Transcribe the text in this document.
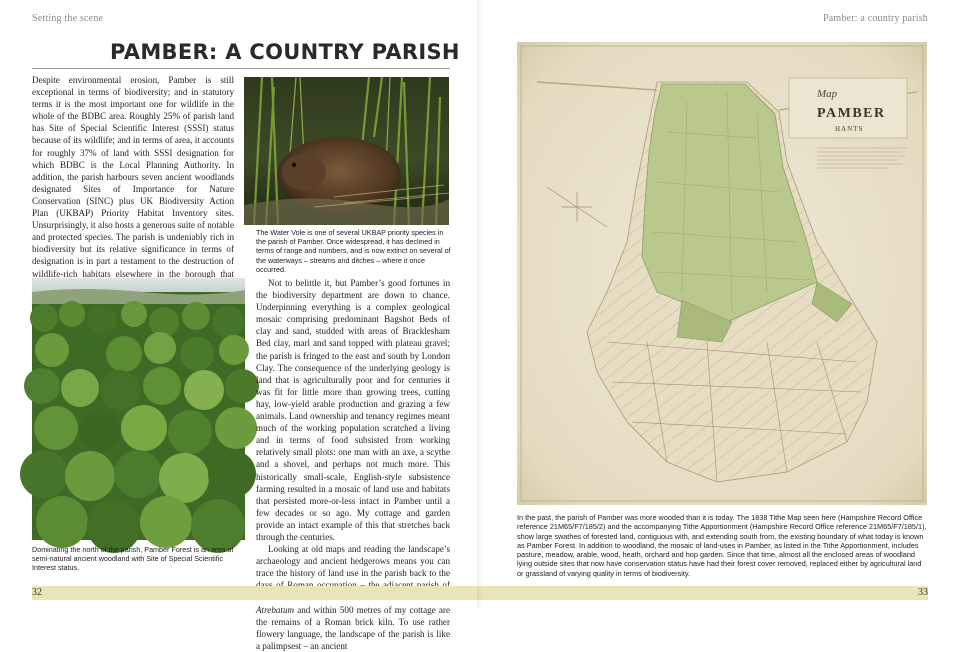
Setting the scene
PAMBER: A COUNTRY PARISH

Despite environmental erosion, Pamber is still exceptional in terms of biodiversity; and in statutory terms it is the most important one for wildlife in the whole of the BDBC area. Roughly 25% of parish land has Site of Special Scientific Interest (SSSI) status because of its wildlife; and in terms of area, it accounts for roughly 37% of land with SSSI designation for which BDBC is the Local Planning Authority. In addition, the parish harbours seven ancient woodlands designated Sites of Importance for Nature Conservation (SINC) plus UK Biodiversity Action Plan (UKBAP) Priority Habitat Inventory sites. Unsurprisingly, it also hosts a generous suite of notable and protected species. The parish is undeniably rich in biodiversity but its relative significance in terms of designation is in part a testament to the destruction of wildlife-rich habitats elsewhere in the borough that

The Water Vole is one of several UKBAP priority species in the parish of Pamber. Once widespread, it has declined in terms of range and numbers, and is now extinct on several of the waterways – streams and ditches – where it once occurred.
Dominating the north of the parish, Pamber Forest is an area of semi-natural ancient woodland with Site of Special Scientific Interest status.

Not to belittle it, but Pamber’s good fortunes in the biodiversity department are down to chance. Underpinning everything is a complex geological mosaic comprising predominant Bagshot Beds of clay and sand, studded with areas of Bracklesham Bed clay, marl and sand topped with plateau gravel; the parish is fringed to the east and south by London Clay. The consequence of the underlying geology is land that is agriculturally poor and for centuries it was fit for little more than growing trees, cutting hay, low-yield arable production and grazing a few animals. Land ownership and tenancy regimes meant much of the working population scratched a living and in terms of food subsisted from working relatively small plots: one man with an axe, a scythe and a shovel, and perhaps not much more. This historically small-scale, English-style subsistence farming resulted in a mosaic of land use and habitats that persisted more-or-less intact in Pamber until a few decades or so ago. My cottage and garden provide an intact example of this that stretches back through the centuries.

Looking at old maps and reading the landscape’s archaeology and ancient hedgerows means you can trace the history of land use in the parish back to the Atrebatum and within 500 metres of my cottage are the remains of a Roman brick kiln. To use rather flowery language, the landscape of the parish is like a palimpsest – an ancient

32
Pamber: a country parish
Map
PAMBER
HANTS
In the past, the parish of Pamber was more wooded than it is today. The 1838 Tithe Map seen here (Hampshire Record Office reference 21M65/F7/185/2) and the accompanying Tithe Apportionment (Hampshire Record Office reference 21M65/F7/185/1), show large swathes of forested land, contiguous with, and extending south from, the existing boundary of what today is known as Pamber Forest. In addition to woodland, the mosaic of land-uses in Pamber, as listed in the Tithe Apportionment, includes pasture, meadow, arable, wood, heath, orchard and hop garden. Since that time, almost all the enclosed areas of woodland lying outside sites that now have conservation status have had their forest cover removed, replaced either by agricultural land or grassland of varying quality in terms of biodiversity.
33
